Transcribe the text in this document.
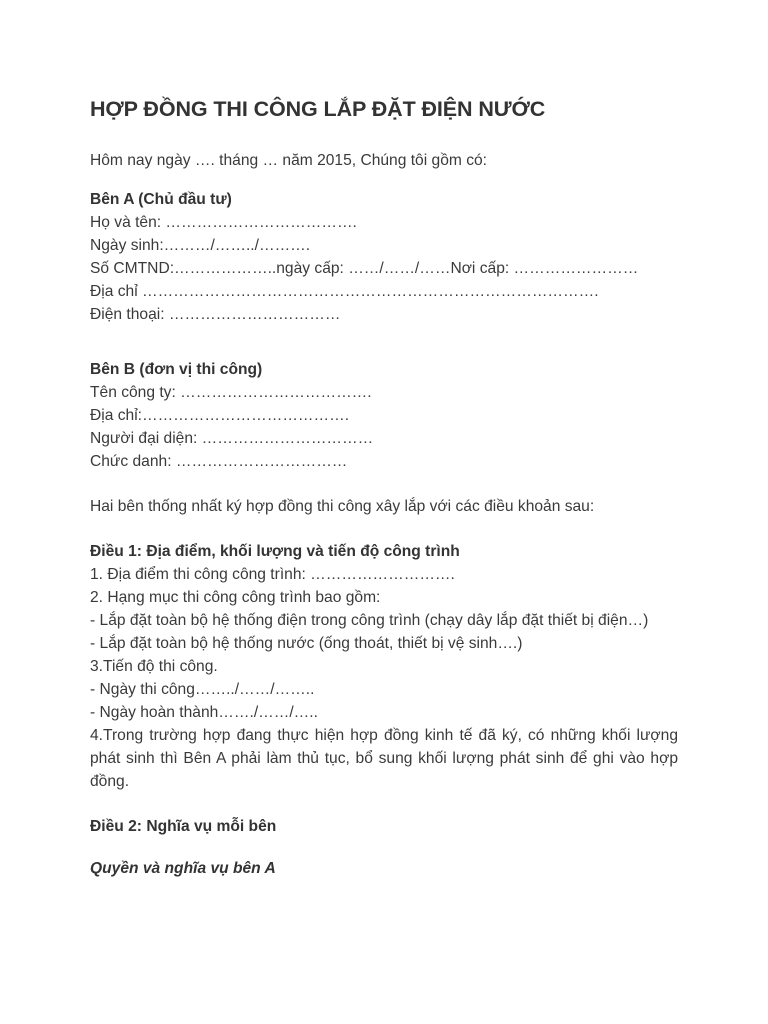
HỢP ĐỒNG THI CÔNG LẮP ĐẶT ĐIỆN NƯỚC

Hôm nay ngày …. tháng … năm 2015, Chúng tôi gồm có:

Bên A (Chủ đầu tư)

Họ và tên: ……………………………….

Ngày sinh:………/……../……….

Số CMTND:………………..ngày cấp: ……/……/……Nơi cấp: ……………………

Địa chỉ …………………………………………………………………………….

Điện thoại: ……………………………

Bên B (đơn vị thi công)

Tên công ty: ……………………………….

Địa chỉ:………………………………….

Người đại diện: ……………………………

Chức danh: ……………………………

Hai bên thống nhất ký hợp đồng thi công xây lắp với các điều khoản sau:

Điều 1: Địa điểm, khối lượng và tiến độ công trình

1. Địa điểm thi công công trình: ……………………….

2. Hạng mục thi công công trình bao gồm:

- Lắp đặt toàn bộ hệ thống điện trong công trình (chạy dây lắp đặt thiết bị điện…)

- Lắp đặt toàn bộ hệ thống nước (ống thoát, thiết bị vệ sinh….)

3.Tiến độ thi công.

- Ngày thi công……../……/……..

- Ngày hoàn thành……./……/…..

4.Trong trường hợp đang thực hiện hợp đồng kinh tế đã ký, có những khối lượng phát sinh thì Bên A phải làm thủ tục, bổ sung khối lượng phát sinh để ghi vào hợp đồng.

Điều 2: Nghĩa vụ mỗi bên

Quyền và nghĩa vụ bên A
